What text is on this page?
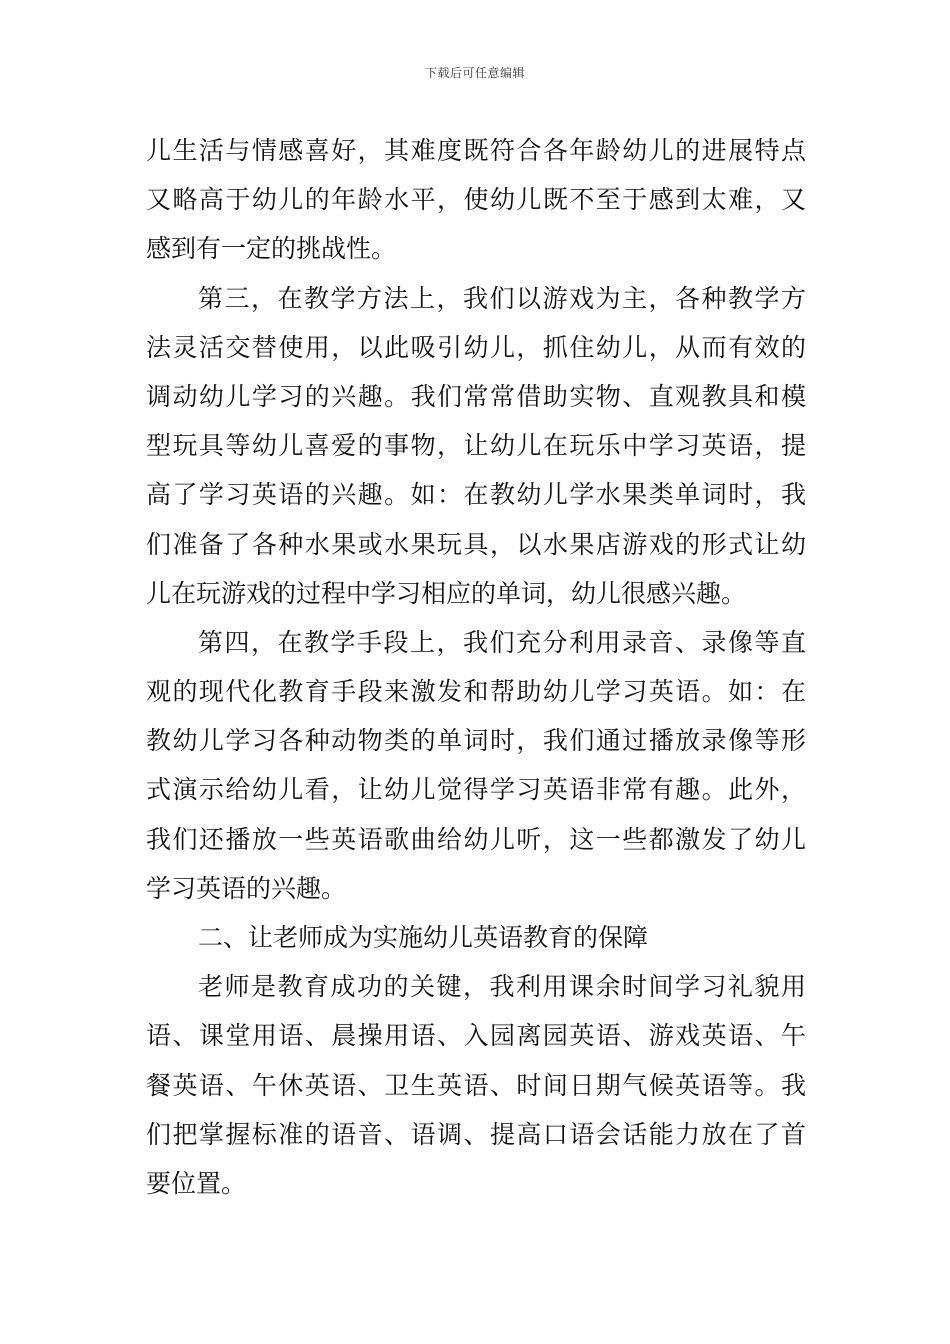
下载后可任意编辑
儿生活与情感喜好，其难度既符合各年龄幼儿的进展特点
又略高于幼儿的年龄水平，使幼儿既不至于感到太难，又
感到有一定的挑战性。
第三，在教学方法上，我们以游戏为主，各种教学方
法灵活交替使用，以此吸引幼儿，抓住幼儿，从而有效的
调动幼儿学习的兴趣。我们常常借助实物、直观教具和模
型玩具等幼儿喜爱的事物，让幼儿在玩乐中学习英语，提
高了学习英语的兴趣。如：在教幼儿学水果类单词时，我
们准备了各种水果或水果玩具，以水果店游戏的形式让幼
儿在玩游戏的过程中学习相应的单词，幼儿很感兴趣。
第四，在教学手段上，我们充分利用录音、录像等直
观的现代化教育手段来激发和帮助幼儿学习英语。如：在
教幼儿学习各种动物类的单词时，我们通过播放录像等形
式演示给幼儿看，让幼儿觉得学习英语非常有趣。此外，
我们还播放一些英语歌曲给幼儿听，这一些都激发了幼儿
学习英语的兴趣。
二、让老师成为实施幼儿英语教育的保障
老师是教育成功的关键，我利用课余时间学习礼貌用
语、课堂用语、晨操用语、入园离园英语、游戏英语、午
餐英语、午休英语、卫生英语、时间日期气候英语等。我
们把掌握标准的语音、语调、提高口语会话能力放在了首
要位置。
